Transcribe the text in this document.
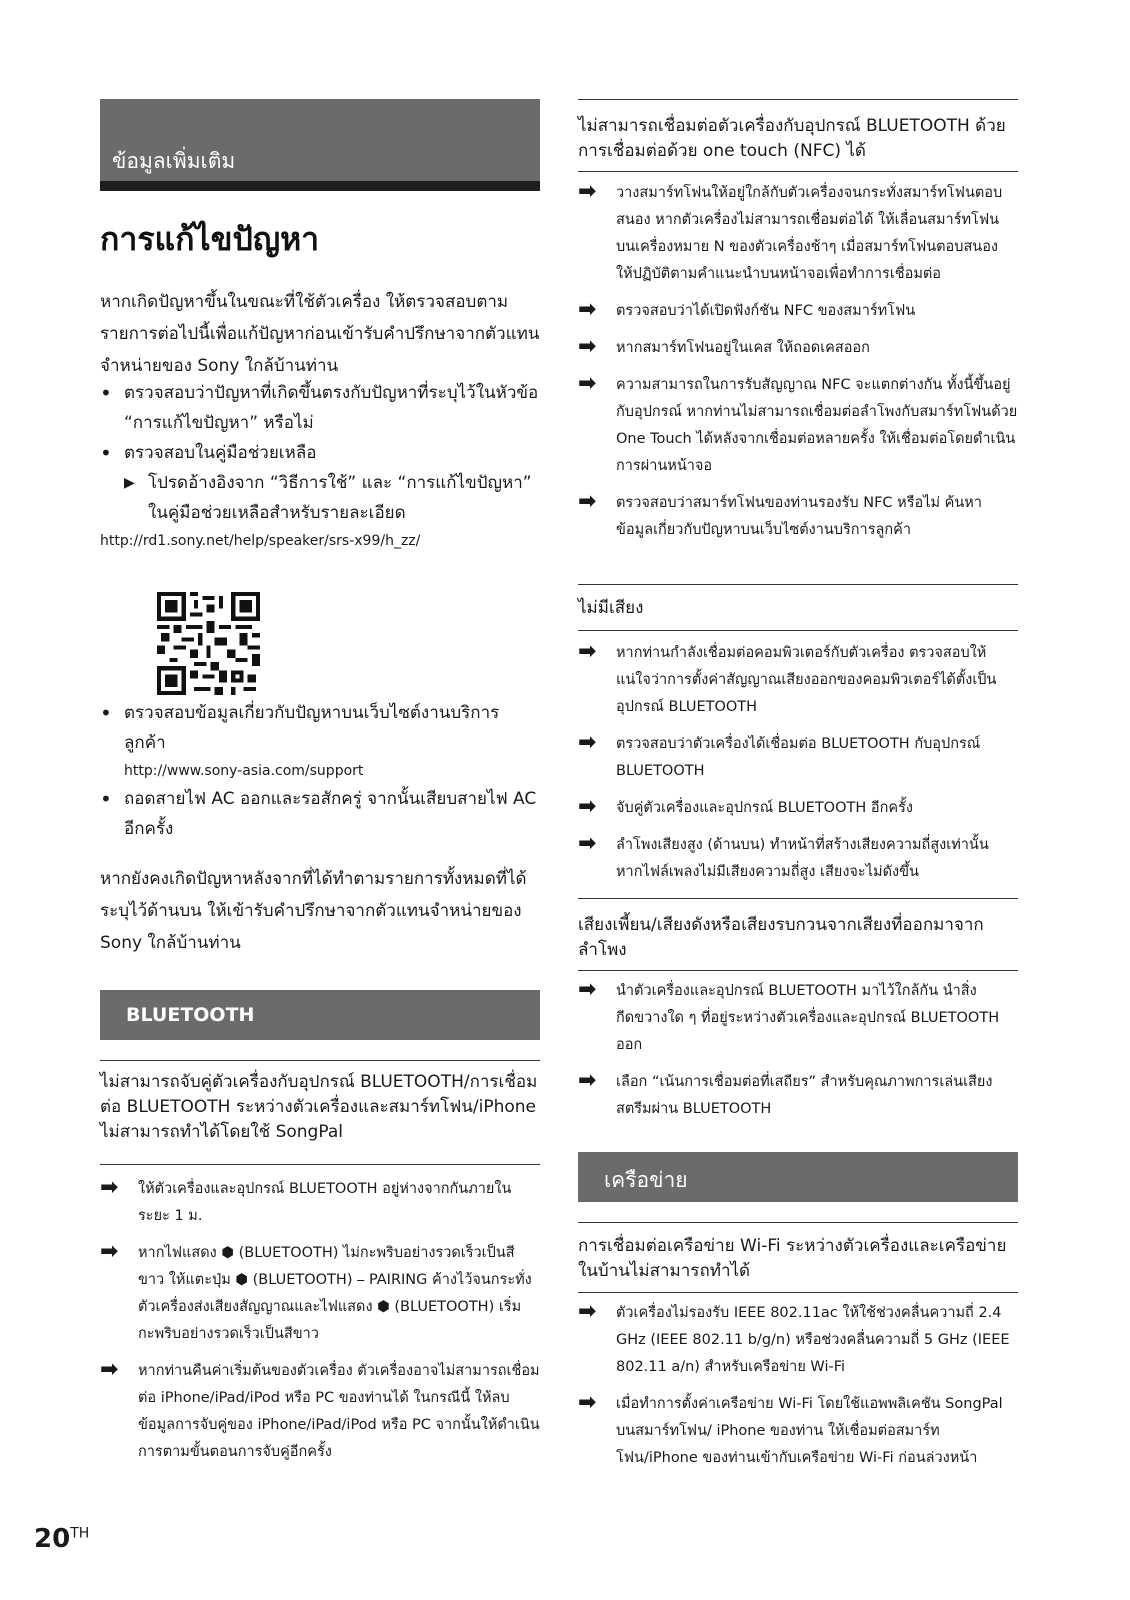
ข้อมูลเพิ่มเติม
การแก้ไขปัญหา

หากเกิดปัญหาขึ้นในขณะที่ใช้ตัวเครื่อง ให้ตรวจสอบตามรายการต่อไปนี้เพื่อแก้ปัญหาก่อนเข้ารับคำปรึกษาจากตัวแทนจำหน่ายของ Sony ใกล้บ้านท่าน

• ตรวจสอบว่าปัญหาที่เกิดขึ้นตรงกับปัญหาที่ระบุไว้ในหัวข้อ “การแก้ไขปัญหา” หรือไม่
• ตรวจสอบในคู่มือช่วยเหลือ
▶ โปรดอ้างอิงจาก “วิธีการใช้” และ “การแก้ไขปัญหา” ในคู่มือช่วยเหลือสำหรับรายละเอียด
http://rd1.sony.net/help/speaker/srs-x99/h_zz/
• ตรวจสอบข้อมูลเกี่ยวกับปัญหาบนเว็บไซต์งานบริการลูกค้า
http://www.sony-asia.com/support
• ถอดสายไฟ AC ออกและรอสักครู่ จากนั้นเสียบสายไฟ AC อีกครั้ง

หากยังคงเกิดปัญหาหลังจากที่ได้ทำตามรายการทั้งหมดที่ได้ระบุไว้ด้านบน ให้เข้ารับคำปรึกษาจากตัวแทนจำหน่ายของ Sony ใกล้บ้านท่าน

BLUETOOTH

ไม่สามารถจับคู่ตัวเครื่องกับอุปกรณ์ BLUETOOTH/การเชื่อมต่อ BLUETOOTH ระหว่างตัวเครื่องและสมาร์ทโฟน/iPhone ไม่สามารถทำได้โดยใช้ SongPal

➡ ให้ตัวเครื่องและอุปกรณ์ BLUETOOTH อยู่ห่างจากกันภายในระยะ 1 ม.
➡ หากไฟแสดง ⬢ (BLUETOOTH) ไม่กะพริบอย่างรวดเร็วเป็นสีขาว ให้แตะปุ่ม ⬢ (BLUETOOTH) ⎯ PAIRING ค้างไว้จนกระทั่งตัวเครื่องส่งเสียงสัญญาณและไฟแสดง ⬢ (BLUETOOTH) เริ่มกะพริบอย่างรวดเร็วเป็นสีขาว
➡ หากท่านคืนค่าเริ่มต้นของตัวเครื่อง ตัวเครื่องอาจไม่สามารถเชื่อมต่อ iPhone/iPad/iPod หรือ PC ของท่านได้ ในกรณีนี้ ให้ลบข้อมูลการจับคู่ของ iPhone/iPad/iPod หรือ PC จากนั้นให้ดำเนินการตามขั้นตอนการจับคู่อีกครั้ง

ไม่สามารถเชื่อมต่อตัวเครื่องกับอุปกรณ์ BLUETOOTH ด้วยการเชื่อมต่อด้วย one touch (NFC) ได้

➡ วางสมาร์ทโฟนให้อยู่ใกล้กับตัวเครื่องจนกระทั่งสมาร์ทโฟนตอบสนอง หากตัวเครื่องไม่สามารถเชื่อมต่อได้ ให้เลื่อนสมาร์ทโฟนบนเครื่องหมาย N ของตัวเครื่องช้าๆ เมื่อสมาร์ทโฟนตอบสนอง ให้ปฏิบัติตามคำแนะนำบนหน้าจอเพื่อทำการเชื่อมต่อ
➡ ตรวจสอบว่าได้เปิดฟังก์ชัน NFC ของสมาร์ทโฟน
➡ หากสมาร์ทโฟนอยู่ในเคส ให้ถอดเคสออก
➡ ความสามารถในการรับสัญญาณ NFC จะแตกต่างกัน ทั้งนี้ขึ้นอยู่กับอุปกรณ์ หากท่านไม่สามารถเชื่อมต่อลำโพงกับสมาร์ทโฟนด้วย One Touch ได้หลังจากเชื่อมต่อหลายครั้ง ให้เชื่อมต่อโดยดำเนินการผ่านหน้าจอ
➡ ตรวจสอบว่าสมาร์ทโฟนของท่านรองรับ NFC หรือไม่ ค้นหาข้อมูลเกี่ยวกับปัญหาบนเว็บไซต์งานบริการลูกค้า

ไม่มีเสียง

➡ หากท่านกำลังเชื่อมต่อคอมพิวเตอร์กับตัวเครื่อง ตรวจสอบให้แน่ใจว่าการตั้งค่าสัญญาณเสียงออกของคอมพิวเตอร์ได้ตั้งเป็นอุปกรณ์ BLUETOOTH
➡ ตรวจสอบว่าตัวเครื่องได้เชื่อมต่อ BLUETOOTH กับอุปกรณ์ BLUETOOTH
➡ จับคู่ตัวเครื่องและอุปกรณ์ BLUETOOTH อีกครั้ง
➡ ลำโพงเสียงสูง (ด้านบน) ทำหน้าที่สร้างเสียงความถี่สูงเท่านั้น หากไฟล์เพลงไม่มีเสียงความถี่สูง เสียงจะไม่ดังขึ้น

เสียงเพี้ยน/เสียงดังหรือเสียงรบกวนจากเสียงที่ออกมาจากลำโพง

➡ นำตัวเครื่องและอุปกรณ์ BLUETOOTH มาไว้ใกล้กัน นำสิ่งกีดขวางใด ๆ ที่อยู่ระหว่างตัวเครื่องและอุปกรณ์ BLUETOOTH ออก
➡ เลือก “เน้นการเชื่อมต่อที่เสถียร” สำหรับคุณภาพการเล่นเสียงสตรีมผ่าน BLUETOOTH
เครือข่าย

การเชื่อมต่อเครือข่าย Wi-Fi ระหว่างตัวเครื่องและเครือข่ายในบ้านไม่สามารถทำได้

➡ ตัวเครื่องไม่รองรับ IEEE 802.11ac ให้ใช้ช่วงคลื่นความถี่ 2.4 GHz (IEEE 802.11 b/g/n) หรือช่วงคลื่นความถี่ 5 GHz (IEEE 802.11 a/n) สำหรับเครือข่าย Wi-Fi
➡ เมื่อทำการตั้งค่าเครือข่าย Wi-Fi โดยใช้แอพพลิเคชัน SongPal บนสมาร์ทโฟน/ iPhone ของท่าน ให้เชื่อมต่อสมาร์ทโฟน/iPhone ของท่านเข้ากับเครือข่าย Wi-Fi ก่อนล่วงหน้า
20TH
